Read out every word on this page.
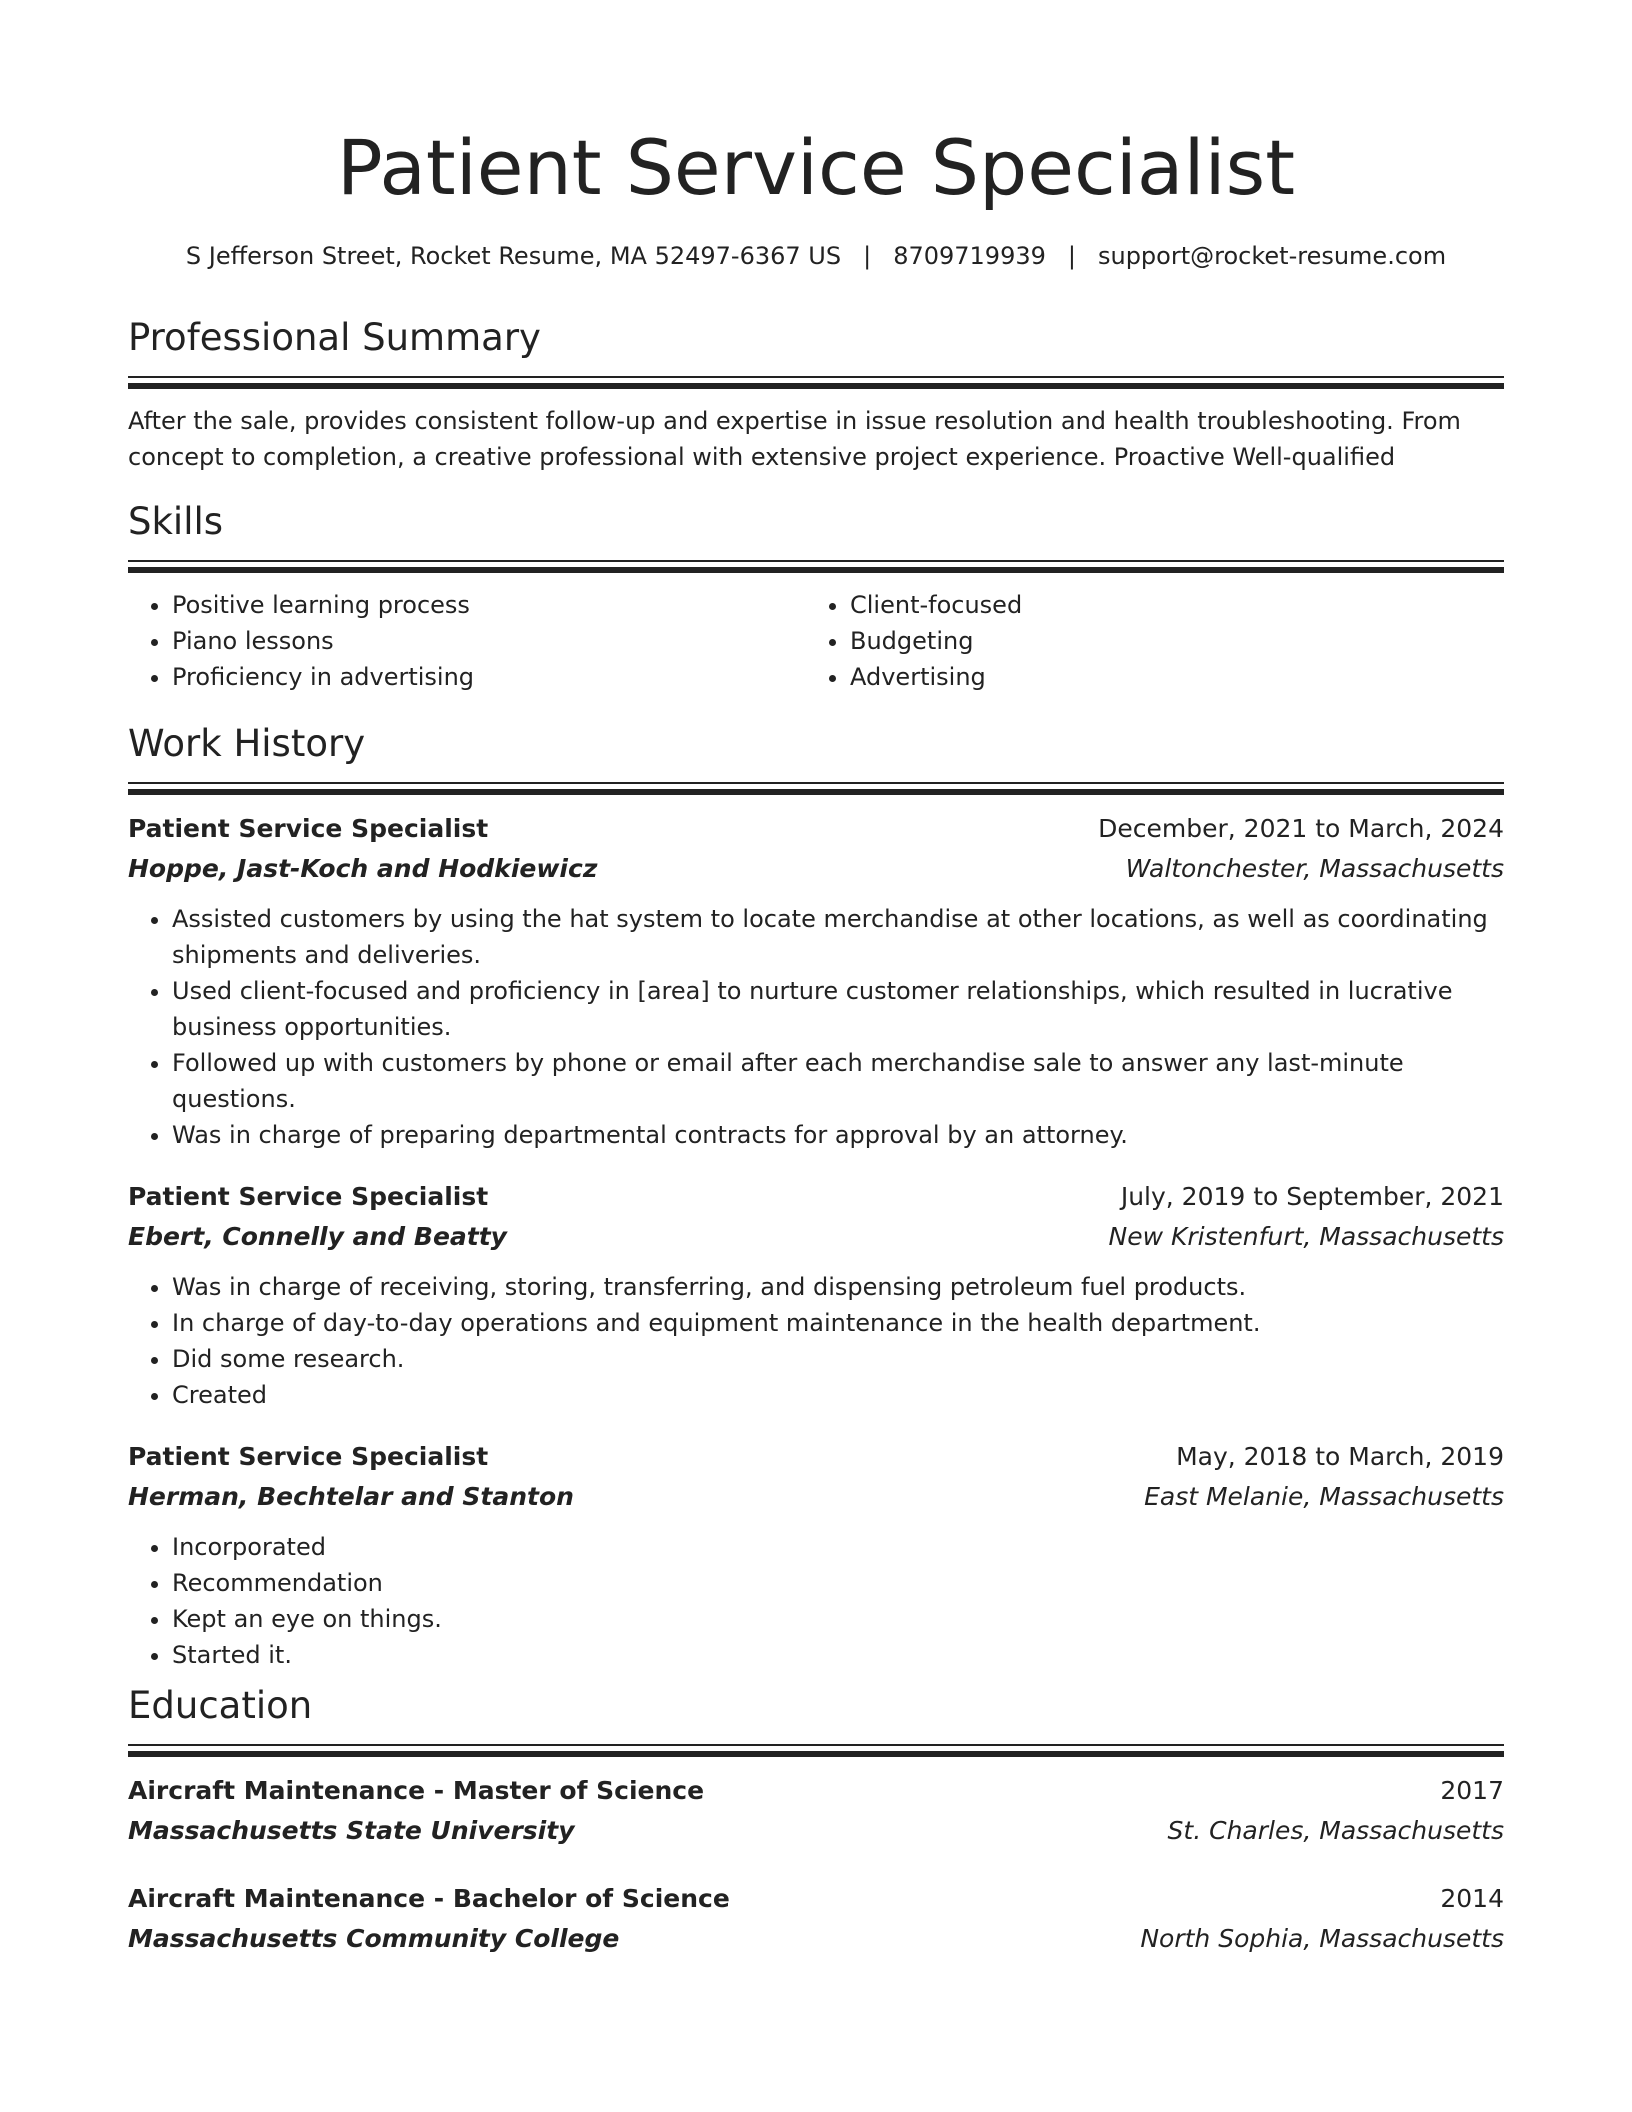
Patient Service Specialist
S Jefferson Street, Rocket Resume, MA 52497-6367 US | 8709719939 | support@rocket-resume.com
Professional Summary

After the sale, provides consistent follow-up and expertise in issue resolution and health troubleshooting. From concept to completion, a creative professional with extensive project experience. Proactive Well-qualified

Skills
• Positive learning process
• Piano lessons
• Proficiency in advertising
• Client-focused
• Budgeting
• Advertising
Work History
Patient Service Specialist	December, 2021 to March, 2024
Hoppe, Jast-Koch and Hodkiewicz	Waltonchester, Massachusetts
• Assisted customers by using the hat system to locate merchandise at other locations, as well as coordinating shipments and deliveries.
• Used client-focused and proficiency in [area] to nurture customer relationships, which resulted in lucrative business opportunities.
• Followed up with customers by phone or email after each merchandise sale to answer any last-minute questions.
• Was in charge of preparing departmental contracts for approval by an attorney.
Patient Service Specialist	July, 2019 to September, 2021
Ebert, Connelly and Beatty	New Kristenfurt, Massachusetts
• Was in charge of receiving, storing, transferring, and dispensing petroleum fuel products.
• In charge of day-to-day operations and equipment maintenance in the health department.
• Did some research.
• Created
Patient Service Specialist	May, 2018 to March, 2019
Herman, Bechtelar and Stanton	East Melanie, Massachusetts
• Incorporated
• Recommendation
• Kept an eye on things.
• Started it.
Education
Aircraft Maintenance - Master of Science	2017
Massachusetts State University	St. Charles, Massachusetts
Aircraft Maintenance - Bachelor of Science	2014
Massachusetts Community College	North Sophia, Massachusetts
